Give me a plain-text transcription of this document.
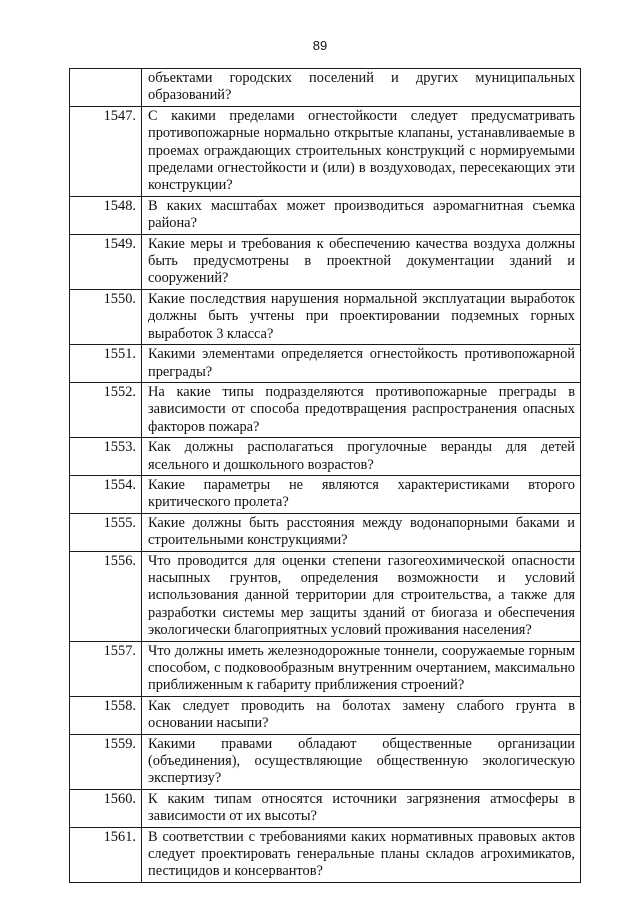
89
	объектами городских поселений и других муниципальных образований?
1547.	С какими пределами огнестойкости следует предусматривать противопожарные нормально открытые клапаны, устанавливаемые в проемах ограждающих строительных конструкций с нормируемыми пределами огнестойкости и (или) в воздуховодах, пересекающих эти конструкции?
1548.	В каких масштабах может производиться аэромагнитная съемка района?
1549.	Какие меры и требования к обеспечению качества воздуха должны быть предусмотрены в проектной документации зданий и сооружений?
1550.	Какие последствия нарушения нормальной эксплуатации выработок должны быть учтены при проектировании подземных горных выработок 3 класса?
1551.	Какими элементами определяется огнестойкость противопожарной преграды?
1552.	На какие типы подразделяются противопожарные преграды в зависимости от способа предотвращения распространения опасных факторов пожара?
1553.	Как должны располагаться прогулочные веранды для детей ясельного и дошкольного возрастов?
1554.	Какие параметры не являются характеристиками второго критического пролета?
1555.	Какие должны быть расстояния между водонапорными баками и строительными конструкциями?
1556.	Что проводится для оценки степени газогеохимической опасности насыпных грунтов, определения возможности и условий использования данной территории для строительства, а также для разработки системы мер защиты зданий от биогаза и обеспечения экологически благоприятных условий проживания населения?
1557.	Что должны иметь железнодорожные тоннели, сооружаемые горным способом, с подковообразным внутренним очертанием, максимально приближенным к габариту приближения строений?
1558.	Как следует проводить на болотах замену слабого грунта в основании насыпи?
1559.	Какими правами обладают общественные организации (объединения), осуществляющие общественную экологическую экспертизу?
1560.	К каким типам относятся источники загрязнения атмосферы в зависимости от их высоты?
1561.	В соответствии с требованиями каких нормативных правовых актов следует проектировать генеральные планы складов агрохимикатов, пестицидов и консервантов?
